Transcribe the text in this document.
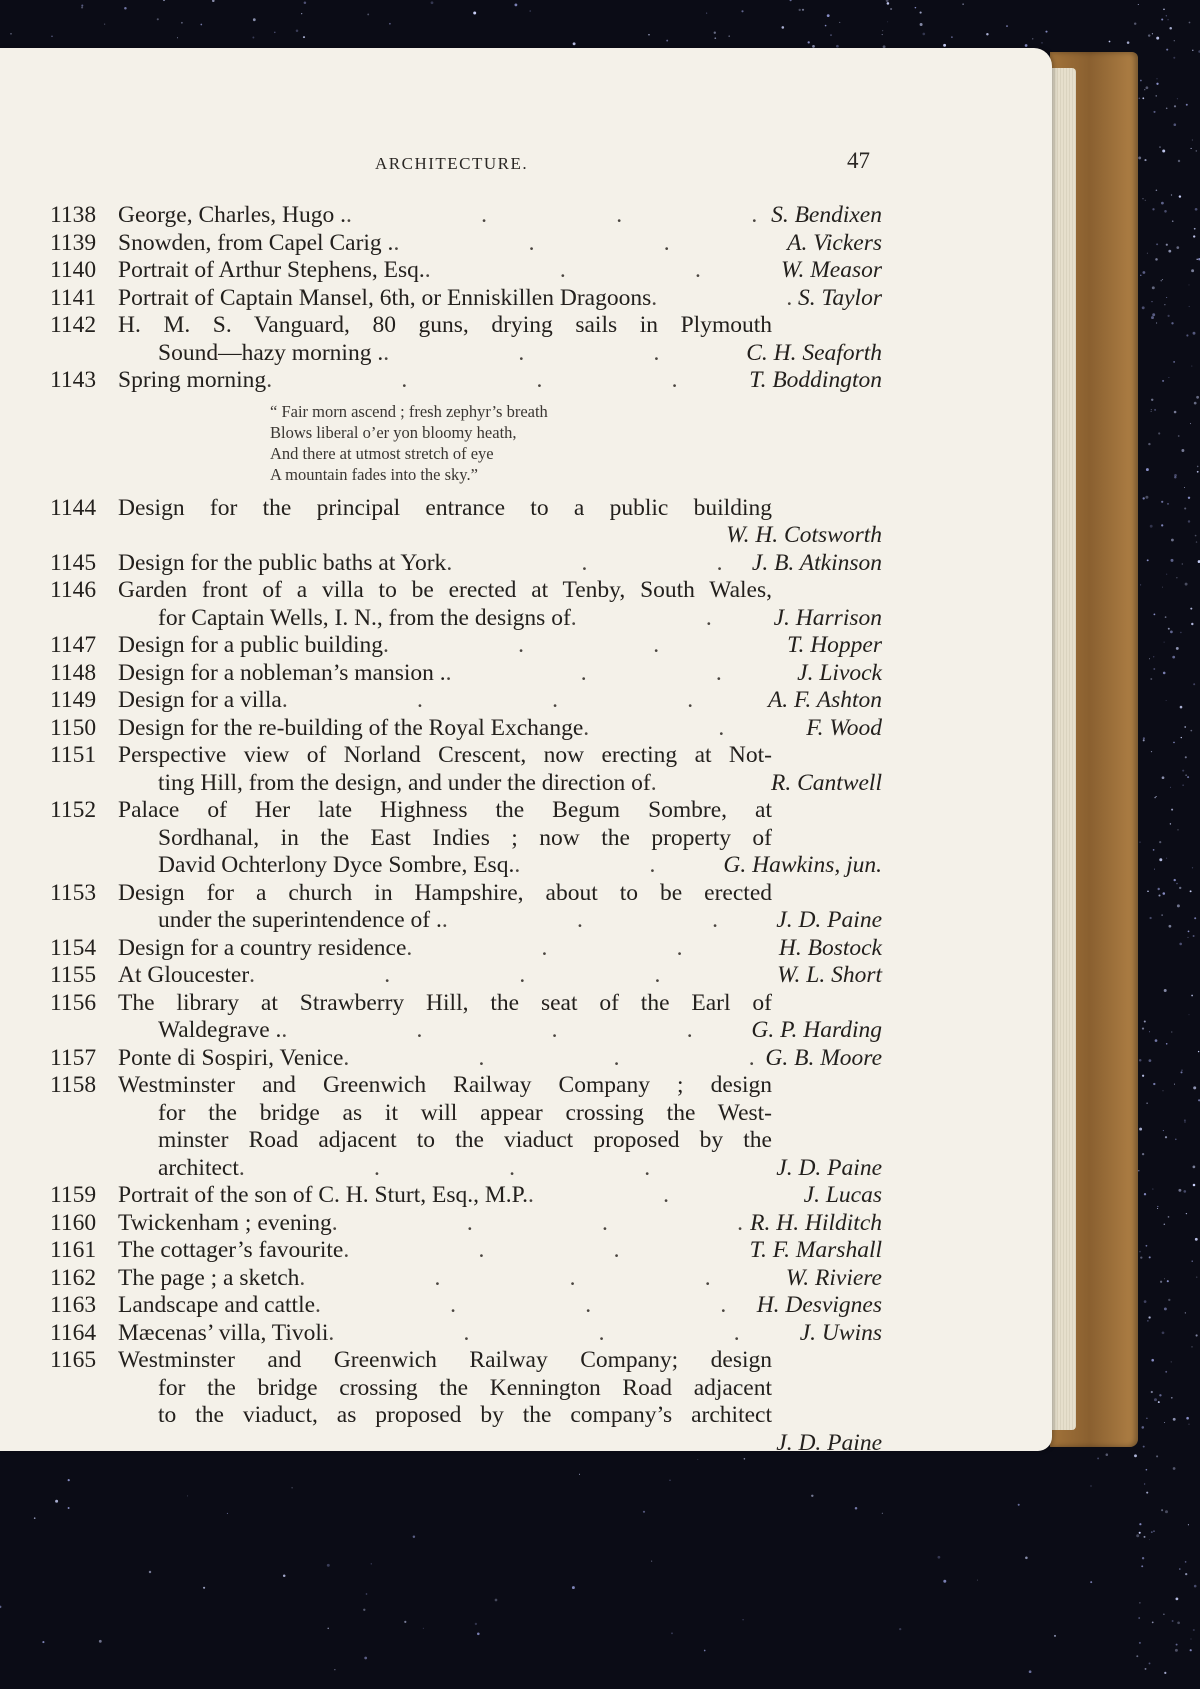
ARCHITECTURE.	47
1138 George, Charles, Hugo . .	S. Bendixen
1139 Snowden, from Capel Carig . .	A. Vickers
1140 Portrait of Arthur Stephens, Esq. .	W. Measor
1141 Portrait of Captain Mansel, 6th, or Enniskillen Dragoons .	S. Taylor
1142 H. M. S. Vanguard, 80 guns, drying sails in Plymouth
Sound—hazy morning . .	C. H. Seaforth
1143 Spring morning .	T. Boddington
“ Fair morn ascend ; fresh zephyr’s breath
Blows liberal o’er yon bloomy heath,
And there at utmost stretch of eye
A mountain fades into the sky.”
1144 Design for the principal entrance to a public building
W. H. Cotsworth
1145 Design for the public baths at York .	J. B. Atkinson
1146 Garden front of a villa to be erected at Tenby, South Wales,
for Captain Wells, I. N., from the designs of .	J. Harrison
1147 Design for a public building .	T. Hopper
1148 Design for a nobleman’s mansion . .	J. Livock
1149 Design for a villa .	A. F. Ashton
1150 Design for the re-building of the Royal Exchange .	F. Wood
1151 Perspective view of Norland Crescent, now erecting at Not-
ting Hill, from the design, and under the direction of .	R. Cantwell
1152 Palace of Her late Highness the Begum Sombre, at
Sordhanal, in the East Indies ; now the property of
David Ochterlony Dyce Sombre, Esq. .	G. Hawkins, jun.
1153 Design for a church in Hampshire, about to be erected
under the superintendence of . .	J. D. Paine
1154 Design for a country residence .	H. Bostock
1155 At Gloucester .	W. L. Short
1156 The library at Strawberry Hill, the seat of the Earl of
Waldegrave . .	G. P. Harding
1157 Ponte di Sospiri, Venice .	G. B. Moore
1158 Westminster and Greenwich Railway Company ; design
for the bridge as it will appear crossing the West-
minster Road adjacent to the viaduct proposed by the
architect .	J. D. Paine
1159 Portrait of the son of C. H. Sturt, Esq., M.P. .	J. Lucas
1160 Twickenham ; evening .	R. H. Hilditch
1161 The cottager’s favourite .	T. F. Marshall
1162 The page ; a sketch .	W. Riviere
1163 Landscape and cattle .	H. Desvignes
1164 Mæcenas’ villa, Tivoli .	J. Uwins
1165 Westminster and Greenwich Railway Company; design
for the bridge crossing the Kennington Road adjacent
to the viaduct, as proposed by the company’s architect
J. D. Paine
